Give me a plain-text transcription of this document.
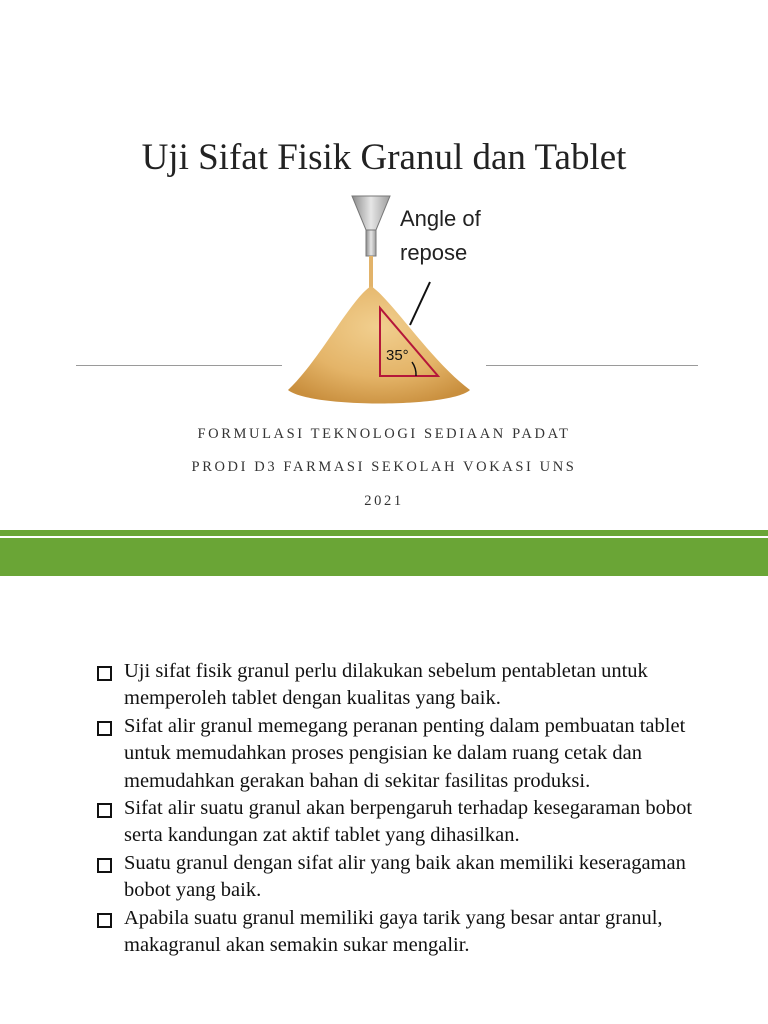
Uji Sifat Fisik Granul dan Tablet
Angle of
repose
35°
FORMULASI TEKNOLOGI SEDIAAN PADAT
PRODI D3 FARMASI SEKOLAH VOKASI UNS
2021
Uji sifat fisik granul perlu dilakukan sebelum pentabletan untuk memperoleh tablet dengan kualitas yang baik.
Sifat alir granul memegang peranan penting dalam pembuatan tablet untuk memudahkan proses pengisian ke dalam ruang cetak dan memudahkan gerakan bahan di sekitar fasilitas produksi.
Sifat alir suatu granul akan berpengaruh terhadap kesegaraman bobot serta kandungan zat aktif tablet yang dihasilkan.
Suatu granul dengan sifat alir yang baik akan memiliki keseragaman bobot yang baik.
Apabila suatu granul memiliki gaya tarik yang besar antar granul, makagranul akan semakin sukar mengalir.
